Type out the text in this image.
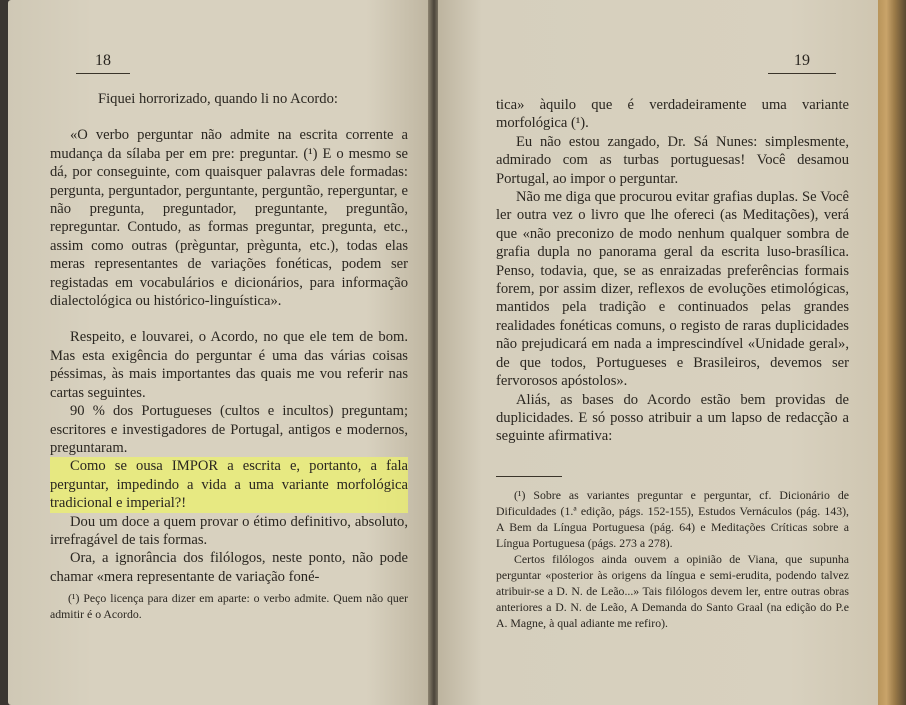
18

Fiquei horrorizado, quando li no Acordo:

«O verbo perguntar não admite na escrita corrente a mudança da sílaba per em pre: preguntar. (¹) E o mesmo se dá, por conseguinte, com quaisquer palavras dele formadas: pergunta, perguntador, perguntante, perguntão, reperguntar, e não pregunta, preguntador, preguntante, preguntão, repreguntar. Contudo, as formas preguntar, pregunta, etc., assim como outras (prèguntar, prègunta, etc.), todas elas meras representantes de variações fonéticas, podem ser registadas em vocabulários e dicionários, para informação dialectológica ou histórico-linguística».

Respeito, e louvarei, o Acordo, no que ele tem de bom. Mas esta exigência do perguntar é uma das várias coisas péssimas, às mais importantes das quais me vou referir nas cartas seguintes.

90 % dos Portugueses (cultos e incultos) preguntam; escritores e investigadores de Portugal, antigos e modernos, preguntaram.

Como se ousa IMPOR a escrita e, portanto, a fala perguntar, impedindo a vida a uma variante morfológica tradicional e imperial?!

Dou um doce a quem provar o étimo definitivo, absoluto, irrefragável de tais formas.

Ora, a ignorância dos filólogos, neste ponto, não pode chamar «mera representante de variação foné-

(¹) Peço licença para dizer em aparte: o verbo admite. Quem não quer admitir é o Acordo.

19

tica» àquilo que é verdadeiramente uma variante morfológica (¹).

Eu não estou zangado, Dr. Sá Nunes: simplesmente, admirado com as turbas portuguesas! Você desamou Portugal, ao impor o perguntar.

Não me diga que procurou evitar grafias duplas. Se Você ler outra vez o livro que lhe ofereci (as Meditações), verá que «não preconizo de modo nenhum qualquer sombra de grafia dupla no panorama geral da escrita luso-brasílica. Penso, todavia, que, se as enraizadas preferências formais forem, por assim dizer, reflexos de evoluções etimológicas, mantidos pela tradição e continuados pelas grandes realidades fonéticas comuns, o registo de raras duplicidades não prejudicará em nada a imprescindível «Unidade geral», de que todos, Portugueses e Brasileiros, devemos ser fervorosos apóstolos».

Aliás, as bases do Acordo estão bem providas de duplicidades. E só posso atribuir a um lapso de redacção a seguinte afirmativa:

(¹) Sobre as variantes preguntar e perguntar, cf. Dicionário de Dificuldades (1.ª edição, págs. 152-155), Estudos Vernáculos (pág. 143), A Bem da Língua Portuguesa (pág. 64) e Meditações Críticas sobre a Língua Portuguesa (págs. 273 a 278).

Certos filólogos ainda ouvem a opinião de Viana, que supunha perguntar «posterior às origens da língua e semi-erudita, podendo talvez atribuir-se a D. N. de Leão...» Tais filólogos devem ler, entre outras obras anteriores a D. N. de Leão, A Demanda do Santo Graal (na edição do P.e A. Magne, à qual adiante me refiro).
